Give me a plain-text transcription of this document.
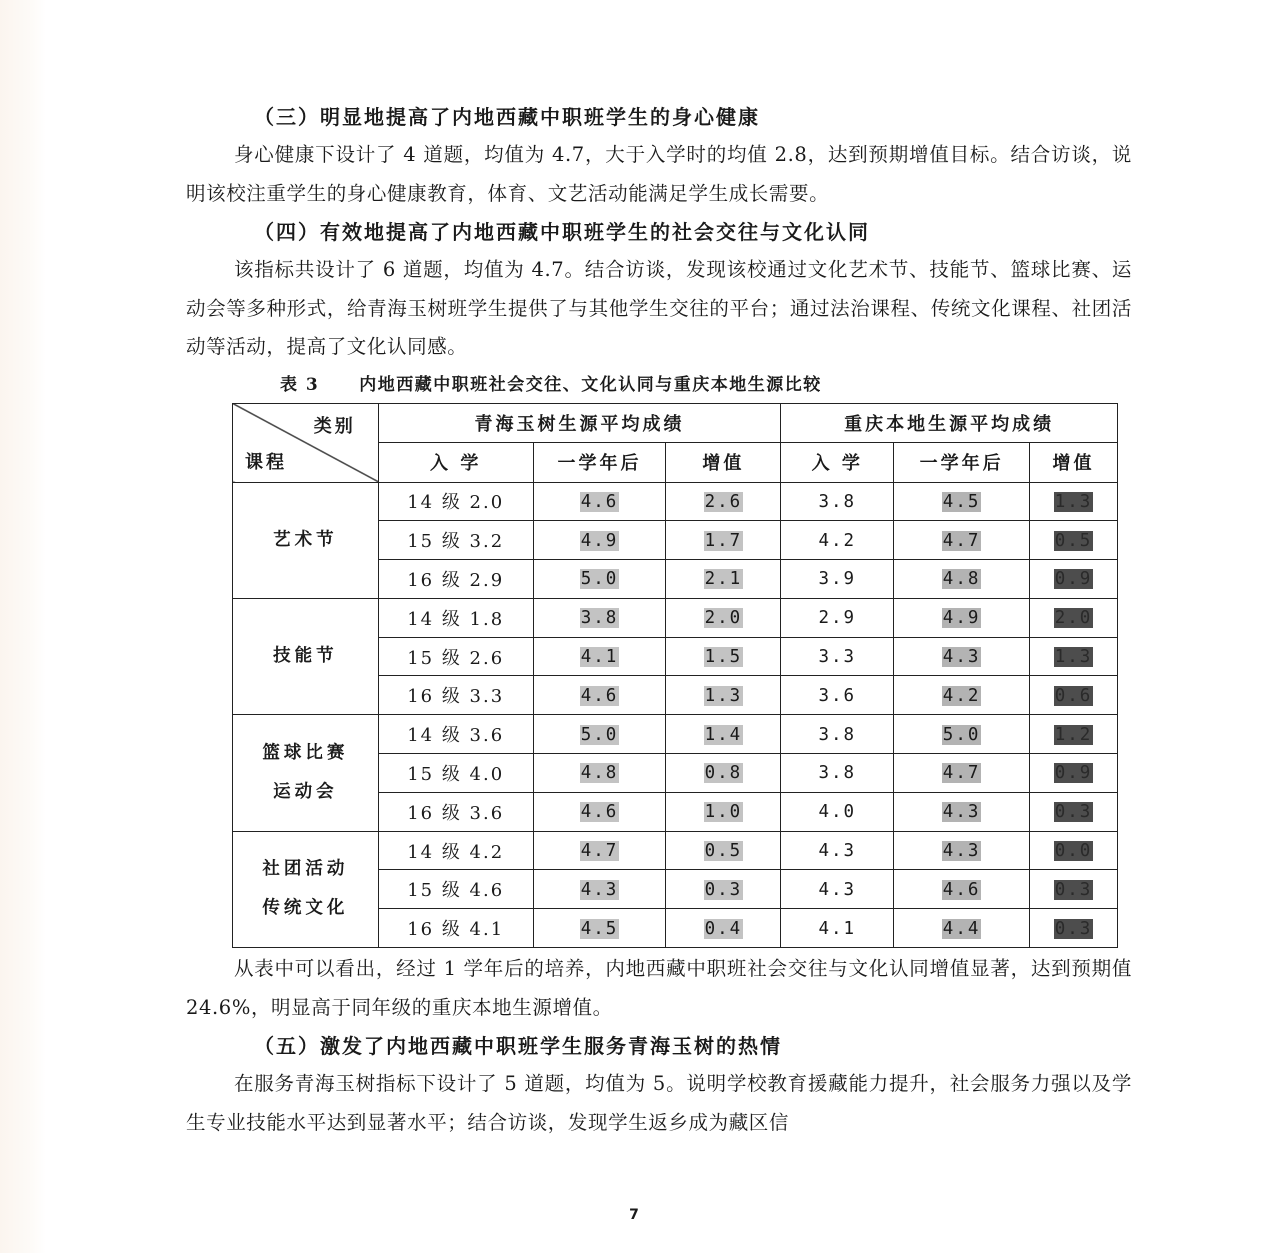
（三）明显地提高了内地西藏中职班学生的身心健康

身心健康下设计了 4 道题，均值为 4.7，大于入学时的均值 2.8，达到预期增值目标。结合访谈，说明该校注重学生的身心健康教育，体育、文艺活动能满足学生成长需要。

（四）有效地提高了内地西藏中职班学生的社会交往与文化认同

该指标共设计了 6 道题，均值为 4.7。结合访谈，发现该校通过文化艺术节、技能节、篮球比赛、运动会等多种形式，给青海玉树班学生提供了与其他学生交往的平台；通过法治课程、传统文化课程、社团活动等活动，提高了文化认同感。

表 3 内地西藏中职班社会交往、文化认同与重庆本地生源比较
类别
课程	青海玉树生源平均成绩			重庆本地生源平均成绩		
	入 学	一学年后	增值	入 学	一学年后	增值

艺术节	14 级 2.0	4.6	2.6	3.8	4.5	1.3
	15 级 3.2	4.9	1.7	4.2	4.7	0.5
	16 级 2.9	5.0	2.1	3.9	4.8	0.9

技能节	14 级 1.8	3.8	2.0	2.9	4.9	2.0
	15 级 2.6	4.1	1.5	3.3	4.3	1.3
	16 级 3.3	4.6	1.3	3.6	4.2	0.6

篮球比赛
运动会	14 级 3.6	5.0	1.4	3.8	5.0	1.2
	15 级 4.0	4.8	0.8	3.8	4.7	0.9
	16 级 3.6	4.6	1.0	4.0	4.3	0.3

社团活动
传统文化	14 级 4.2	4.7	0.5	4.3	4.3	0.0
	15 级 4.6	4.3	0.3	4.3	4.6	0.3
	16 级 4.1	4.5	0.4	4.1	4.4	0.3

从表中可以看出，经过 1 学年后的培养，内地西藏中职班社会交往与文化认同增值显著，达到预期值 24.6%，明显高于同年级的重庆本地生源增值。

（五）激发了内地西藏中职班学生服务青海玉树的热情

在服务青海玉树指标下设计了 5 道题，均值为 5。说明学校教育援藏能力提升，社会服务力强以及学生专业技能水平达到显著水平；结合访谈，发现学生返乡成为藏区信

7
